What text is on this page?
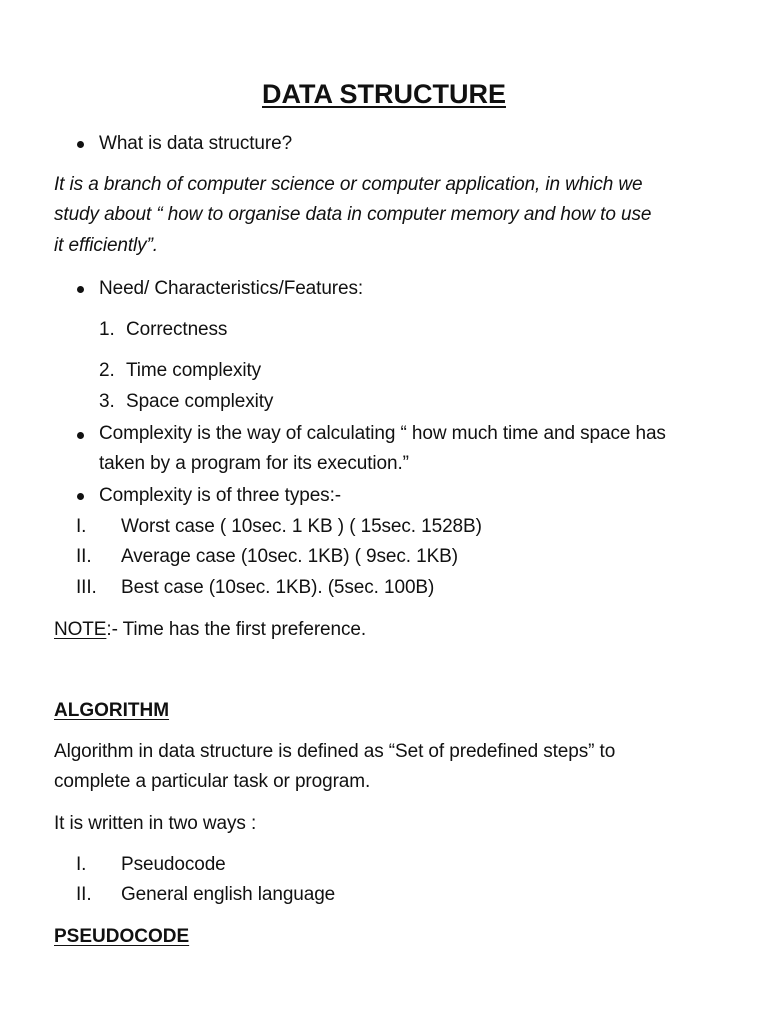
DATA STRUCTURE
What is data structure?
It is a branch of computer science or computer application, in which we
study about “ how to organise data in computer memory and how to use
it efficiently”.
Need/ Characteristics/Features:
1. Correctness
2. Time complexity
3. Space complexity
Complexity is the way of calculating “ how much time and space has
taken by a program for its execution.”
Complexity is of three types:-
I. Worst case ( 10sec. 1 KB ) ( 15sec. 1528B)
II. Average case (10sec. 1KB) ( 9sec. 1KB)
III. Best case (10sec. 1KB). (5sec. 100B)
NOTE:- Time has the first preference.
ALGORITHM
Algorithm in data structure is defined as “Set of predefined steps” to
complete a particular task or program.
It is written in two ways :
I. Pseudocode
II. General english language
PSEUDOCODE
